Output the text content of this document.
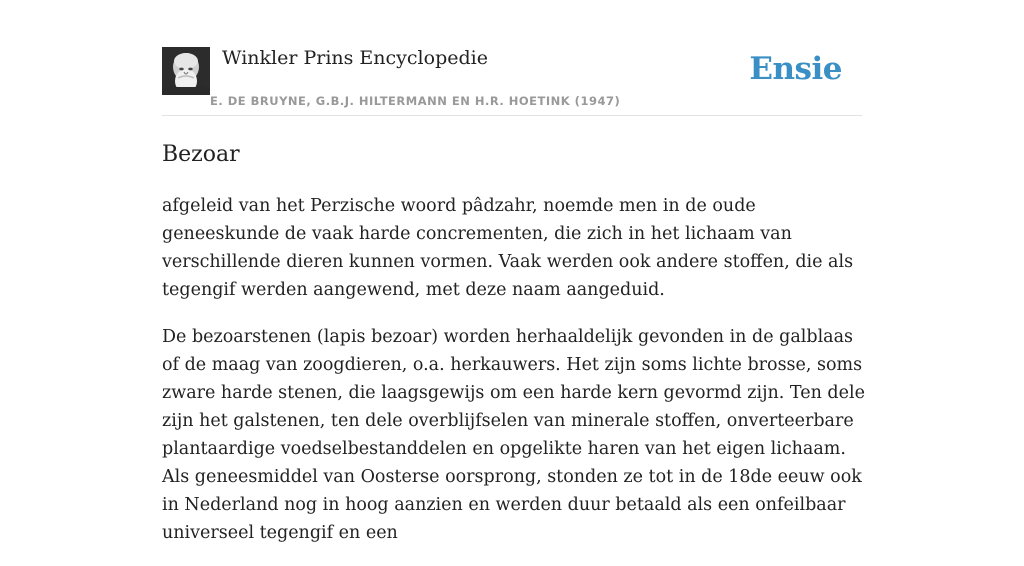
Winkler Prins Encyclopedie
E. DE BRUYNE, G.B.J. HILTERMANN EN H.R. HOETINK (1947)
Ensie
Bezoar

afgeleid van het Perzische woord pâdzahr, noemde men in de oude geneeskunde de vaak harde concrementen, die zich in het lichaam van verschillende dieren kunnen vormen. Vaak werden ook andere stoffen, die als tegengif werden aangewend, met deze naam aangeduid.

De bezoarstenen (lapis bezoar) worden herhaaldelijk gevonden in de galblaas of de maag van zoogdieren, o.a. herkauwers. Het zijn soms lichte brosse, soms zware harde stenen, die laagsgewijs om een harde kern gevormd zijn. Ten dele zijn het galstenen, ten dele overblijfselen van minerale stoffen, onverteerbare plantaardige voedselbestanddelen en opgelikte haren van het eigen lichaam. Als geneesmiddel van Oosterse oorsprong, stonden ze tot in de 18de eeuw ook in Nederland nog in hoog aanzien en werden duur betaald als een onfeilbaar universeel tegengif en een
